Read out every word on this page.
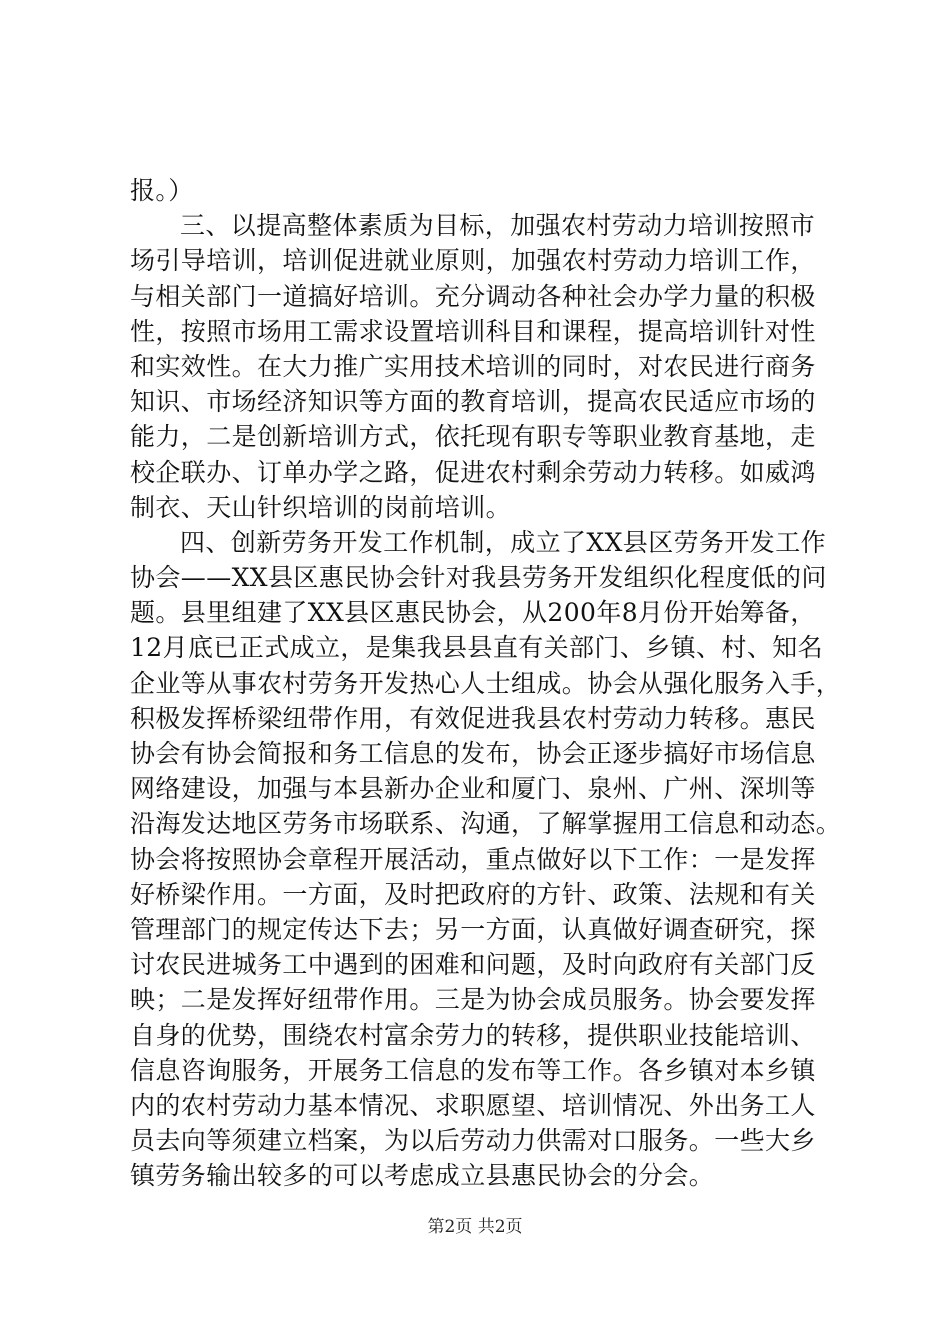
报。）
三、以提高整体素质为目标，加强农村劳动力培训按照市
场引导培训，培训促进就业原则，加强农村劳动力培训工作，
与相关部门一道搞好培训。充分调动各种社会办学力量的积极
性，按照市场用工需求设置培训科目和课程，提高培训针对性
和实效性。在大力推广实用技术培训的同时，对农民进行商务
知识、市场经济知识等方面的教育培训，提高农民适应市场的
能力，二是创新培训方式，依托现有职专等职业教育基地，走
校企联办、订单办学之路，促进农村剩余劳动力转移。如威鸿
制衣、天山针织培训的岗前培训。
四、创新劳务开发工作机制，成立了XX县区劳务开发工作
协会——XX县区惠民协会针对我县劳务开发组织化程度低的问
题。县里组建了XX县区惠民协会，从200年8月份开始筹备，
12月底已正式成立，是集我县县直有关部门、乡镇、村、知名
企业等从事农村劳务开发热心人士组成。协会从强化服务入手，
积极发挥桥梁纽带作用，有效促进我县农村劳动力转移。惠民
协会有协会简报和务工信息的发布，协会正逐步搞好市场信息
网络建设，加强与本县新办企业和厦门、泉州、广州、深圳等
沿海发达地区劳务市场联系、沟通，了解掌握用工信息和动态。
协会将按照协会章程开展活动，重点做好以下工作：一是发挥
好桥梁作用。一方面，及时把政府的方针、政策、法规和有关
管理部门的规定传达下去；另一方面，认真做好调查研究，探
讨农民进城务工中遇到的困难和问题，及时向政府有关部门反
映；二是发挥好纽带作用。三是为协会成员服务。协会要发挥
自身的优势，围绕农村富余劳力的转移，提供职业技能培训、
信息咨询服务，开展务工信息的发布等工作。各乡镇对本乡镇
内的农村劳动力基本情况、求职愿望、培训情况、外出务工人
员去向等须建立档案，为以后劳动力供需对口服务。一些大乡
镇劳务输出较多的可以考虑成立县惠民协会的分会。
第2页 共2页
